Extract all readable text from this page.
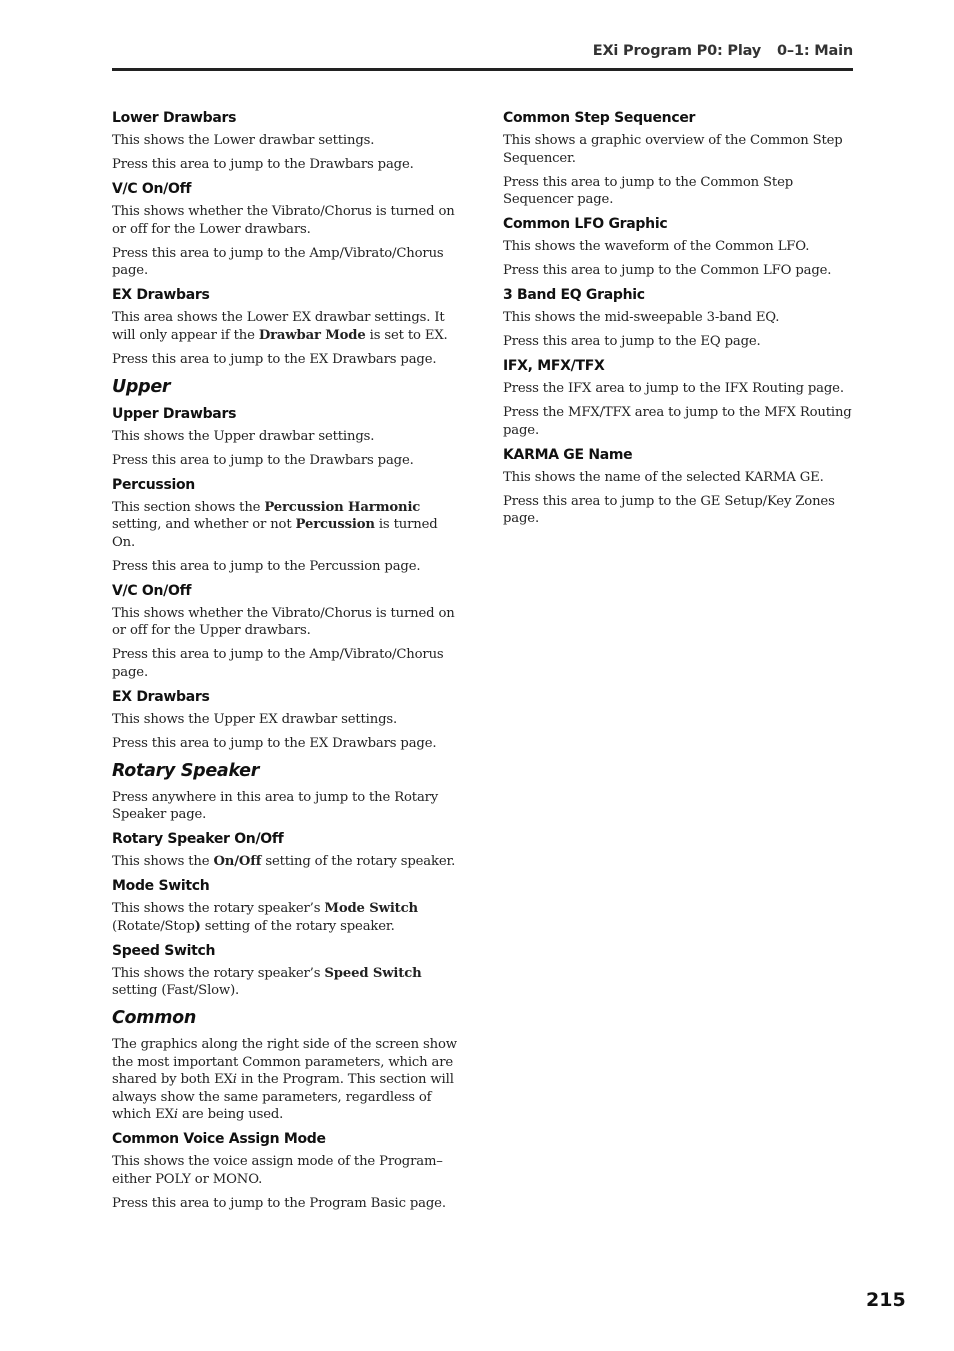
EXi Program P0: Play 0–1: Main
Lower Drawbars

This shows the Lower drawbar settings.

Press this area to jump to the Drawbars page.

V/C On/Off

This shows whether the Vibrato/Chorus is turned on or off for the Lower drawbars.

Press this area to jump to the Amp/Vibrato/Chorus page.

EX Drawbars

This area shows the Lower EX drawbar settings. It will only appear if the Drawbar Mode is set to EX.

Press this area to jump to the EX Drawbars page.

Upper
Upper Drawbars

This shows the Upper drawbar settings.

Press this area to jump to the Drawbars page.

Percussion

This section shows the Percussion Harmonic setting, and whether or not Percussion is turned On.

Press this area to jump to the Percussion page.

V/C On/Off

This shows whether the Vibrato/Chorus is turned on or off for the Upper drawbars.

Press this area to jump to the Amp/Vibrato/Chorus page.

EX Drawbars

This shows the Upper EX drawbar settings.

Press this area to jump to the EX Drawbars page.

Rotary Speaker

Press anywhere in this area to jump to the Rotary Speaker page.

Rotary Speaker On/Off

This shows the On/Off setting of the rotary speaker.

Mode Switch

This shows the rotary speaker’s Mode Switch (Rotate/Stop) setting of the rotary speaker.

Speed Switch

This shows the rotary speaker’s Speed Switch setting (Fast/Slow).

Common

The graphics along the right side of the screen show the most important Common parameters, which are shared by both EXi in the Program. This section will always show the same parameters, regardless of which EXi are being used.

Common Voice Assign Mode

This shows the voice assign mode of the Program– either POLY or MONO.

Press this area to jump to the Program Basic page.

Common Step Sequencer

This shows a graphic overview of the Common Step Sequencer.

Press this area to jump to the Common Step Sequencer page.

Common LFO Graphic

This shows the waveform of the Common LFO.

Press this area to jump to the Common LFO page.

3 Band EQ Graphic

This shows the mid-sweepable 3-band EQ.

Press this area to jump to the EQ page.

IFX, MFX/TFX

Press the IFX area to jump to the IFX Routing page.

Press the MFX/TFX area to jump to the MFX Routing page.

KARMA GE Name

This shows the name of the selected KARMA GE.

Press this area to jump to the GE Setup/Key Zones page.

215
